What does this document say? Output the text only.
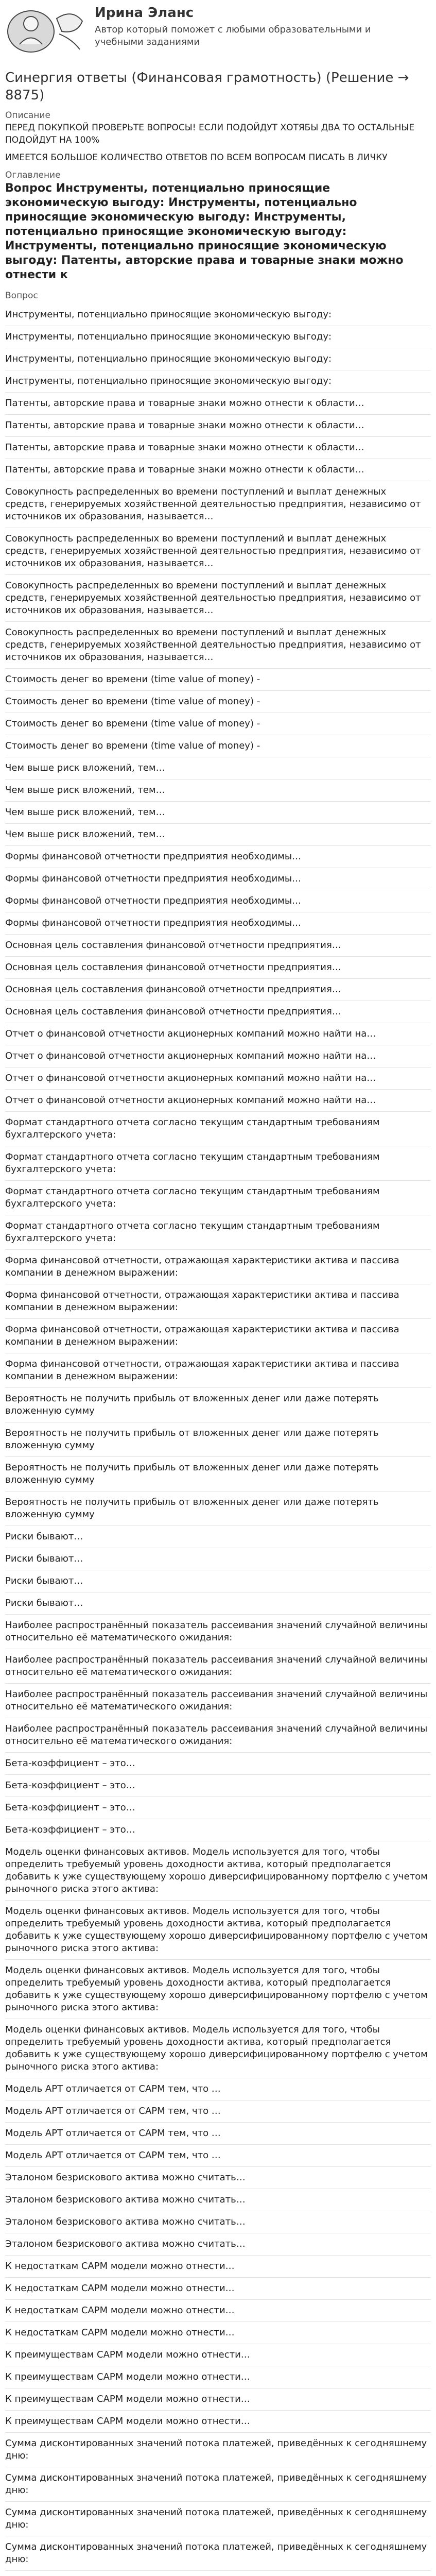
Ирина Эланс
Автор который поможет с любыми образовательными и учебными заданиями
Синергия ответы (Финансовая грамотность) (Решение → 8875)

Описание

ПЕРЕД ПОКУПКОЙ ПРОВЕРЬТЕ ВОПРОСЫ! ЕСЛИ ПОДОЙДУТ ХОТЯБЫ ДВА ТО ОСТАЛЬНЫЕ ПОДОЙДУТ НА 100%

ИМЕЕТСЯ БОЛЬШОЕ КОЛИЧЕСТВО ОТВЕТОВ ПО ВСЕМ ВОПРОСАМ ПИСАТЬ В ЛИЧКУ

Оглавление

Вопрос Инструменты, потенциально приносящие экономическую выгоду: Инструменты, потенциально приносящие экономическую выгоду: Инструменты, потенциально приносящие экономическую выгоду: Инструменты, потенциально приносящие экономическую выгоду: Патенты, авторские права и товарные знаки можно отнести к

Вопрос

Инструменты, потенциально приносящие экономическую выгоду:

Инструменты, потенциально приносящие экономическую выгоду:

Инструменты, потенциально приносящие экономическую выгоду:

Инструменты, потенциально приносящие экономическую выгоду:

Патенты, авторские права и товарные знаки можно отнести к области…

Патенты, авторские права и товарные знаки можно отнести к области…

Патенты, авторские права и товарные знаки можно отнести к области…

Патенты, авторские права и товарные знаки можно отнести к области…

Совокупность распределенных во времени поступлений и выплат денежных средств, генерируемых хозяйственной деятельностью предприятия, независимо от источников их образования, называется…

Совокупность распределенных во времени поступлений и выплат денежных средств, генерируемых хозяйственной деятельностью предприятия, независимо от источников их образования, называется…

Совокупность распределенных во времени поступлений и выплат денежных средств, генерируемых хозяйственной деятельностью предприятия, независимо от источников их образования, называется…

Совокупность распределенных во времени поступлений и выплат денежных средств, генерируемых хозяйственной деятельностью предприятия, независимо от источников их образования, называется…

Стоимость денег во времени (time value of money) -

Стоимость денег во времени (time value of money) -

Стоимость денег во времени (time value of money) -

Стоимость денег во времени (time value of money) -

Чем выше риск вложений, тем…

Чем выше риск вложений, тем…

Чем выше риск вложений, тем…

Чем выше риск вложений, тем…

Формы финансовой отчетности предприятия необходимы…

Формы финансовой отчетности предприятия необходимы…

Формы финансовой отчетности предприятия необходимы…

Формы финансовой отчетности предприятия необходимы…

Основная цель составления финансовой отчетности предприятия…

Основная цель составления финансовой отчетности предприятия…

Основная цель составления финансовой отчетности предприятия…

Основная цель составления финансовой отчетности предприятия…

Отчет о финансовой отчетности акционерных компаний можно найти на…

Отчет о финансовой отчетности акционерных компаний можно найти на…

Отчет о финансовой отчетности акционерных компаний можно найти на…

Отчет о финансовой отчетности акционерных компаний можно найти на…

Формат стандартного отчета согласно текущим стандартным требованиям бухгалтерского учета:

Формат стандартного отчета согласно текущим стандартным требованиям бухгалтерского учета:

Формат стандартного отчета согласно текущим стандартным требованиям бухгалтерского учета:

Формат стандартного отчета согласно текущим стандартным требованиям бухгалтерского учета:

Форма финансовой отчетности, отражающая характеристики актива и пассива компании в денежном выражении:

Форма финансовой отчетности, отражающая характеристики актива и пассива компании в денежном выражении:

Форма финансовой отчетности, отражающая характеристики актива и пассива компании в денежном выражении:

Форма финансовой отчетности, отражающая характеристики актива и пассива компании в денежном выражении:

Вероятность не получить прибыль от вложенных денег или даже потерять вложенную сумму

Вероятность не получить прибыль от вложенных денег или даже потерять вложенную сумму

Вероятность не получить прибыль от вложенных денег или даже потерять вложенную сумму

Вероятность не получить прибыль от вложенных денег или даже потерять вложенную сумму

Риски бывают…

Риски бывают…

Риски бывают…

Риски бывают…

Наиболее распространённый показатель рассеивания значений случайной величины относительно её математического ожидания:

Наиболее распространённый показатель рассеивания значений случайной величины относительно её математического ожидания:

Наиболее распространённый показатель рассеивания значений случайной величины относительно её математического ожидания:

Наиболее распространённый показатель рассеивания значений случайной величины относительно её математического ожидания:

Бета-коэффициент – это…

Бета-коэффициент – это…

Бета-коэффициент – это…

Бета-коэффициент – это…

Модель оценки финансовых активов. Модель используется для того, чтобы определить требуемый уровень доходности актива, который предполагается добавить к уже существующему хорошо диверсифицированному портфелю с учетом рыночного риска этого актива:

Модель оценки финансовых активов. Модель используется для того, чтобы определить требуемый уровень доходности актива, который предполагается добавить к уже существующему хорошо диверсифицированному портфелю с учетом рыночного риска этого актива:

Модель оценки финансовых активов. Модель используется для того, чтобы определить требуемый уровень доходности актива, который предполагается добавить к уже существующему хорошо диверсифицированному портфелю с учетом рыночного риска этого актива:

Модель оценки финансовых активов. Модель используется для того, чтобы определить требуемый уровень доходности актива, который предполагается добавить к уже существующему хорошо диверсифицированному портфелю с учетом рыночного риска этого актива:

Модель APT отличается от CAPM тем, что …

Модель APT отличается от CAPM тем, что …

Модель APT отличается от CAPM тем, что …

Модель APT отличается от CAPM тем, что …

Эталоном безрискового актива можно считать…

Эталоном безрискового актива можно считать…

Эталоном безрискового актива можно считать…

Эталоном безрискового актива можно считать…

К недостаткам CAPM модели можно отнести…

К недостаткам CAPM модели можно отнести…

К недостаткам CAPM модели можно отнести…

К недостаткам CAPM модели можно отнести…

К преимуществам CAPM модели можно отнести…

К преимуществам CAPM модели можно отнести…

К преимуществам CAPM модели можно отнести…

К преимуществам CAPM модели можно отнести…

Сумма дисконтированных значений потока платежей, приведённых к сегодняшнему дню:

Сумма дисконтированных значений потока платежей, приведённых к сегодняшнему дню:

Сумма дисконтированных значений потока платежей, приведённых к сегодняшнему дню:

Сумма дисконтированных значений потока платежей, приведённых к сегодняшнему дню:
